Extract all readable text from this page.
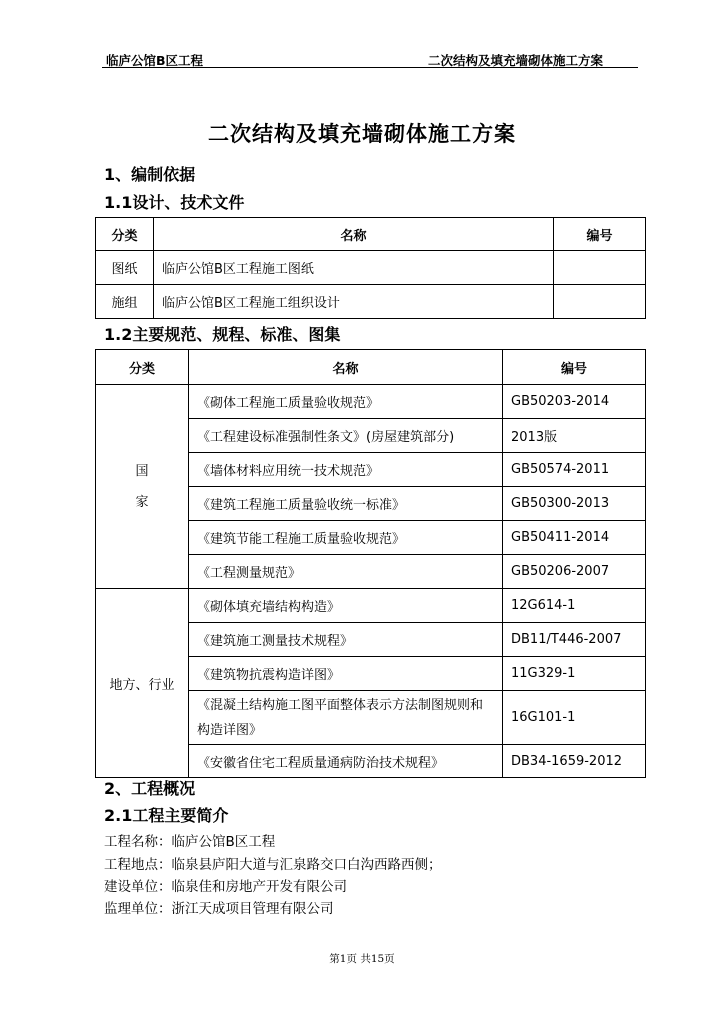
临庐公馆B区工程	二次结构及填充墙砌体施工方案
二次结构及填充墙砌体施工方案
1、编制依据
1.1设计、技术文件
分类	名称	编号
图纸	临庐公馆B区工程施工图纸	
施组	临庐公馆B区工程施工组织设计	
1.2主要规范、规程、标准、图集
分类	名称	编号

国
家	《砌体工程施工质量验收规范》	GB50203-2014
	《工程建设标准强制性条文》(房屋建筑部分)	2013版
	《墙体材料应用统一技术规范》	GB50574-2011
	《建筑工程施工质量验收统一标准》	GB50300-2013
	《建筑节能工程施工质量验收规范》	GB50411-2014
	《工程测量规范》	GB50206-2007
地方、行业	《砌体填充墙结构构造》	12G614-1
	《建筑施工测量技术规程》	DB11/T446-2007
	《建筑物抗震构造详图》	11G329-1
	《混凝土结构施工图平面整体表示方法制图规则和构造详图》	16G101-1
	《安徽省住宅工程质量通病防治技术规程》	DB34-1659-2012
2、工程概况
2.1工程主要简介
工程名称：临庐公馆B区工程
工程地点：临泉县庐阳大道与汇泉路交口白沟西路西侧；
建设单位：临泉佳和房地产开发有限公司
监理单位：浙江天成项目管理有限公司
第1页 共15页
